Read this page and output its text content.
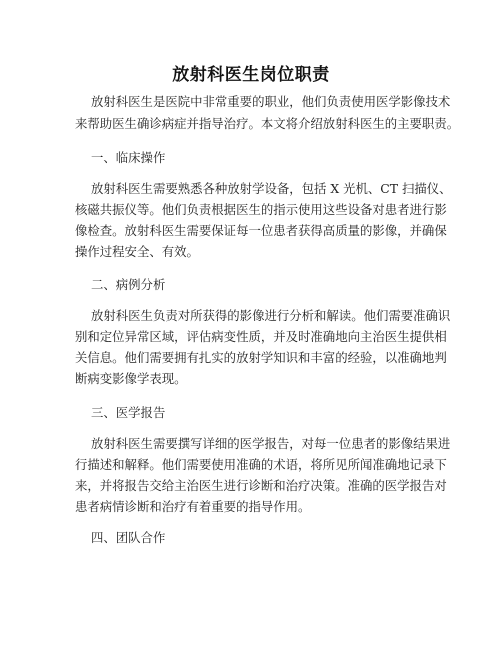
放射科医生岗位职责
放射科医生是医院中非常重要的职业，他们负责使用医学影像技术
来帮助医生确诊病症并指导治疗。本文将介绍放射科医生的主要职责。
一、临床操作
放射科医生需要熟悉各种放射学设备，包括 X 光机、CT 扫描仪、
核磁共振仪等。他们负责根据医生的指示使用这些设备对患者进行影
像检查。放射科医生需要保证每一位患者获得高质量的影像，并确保
操作过程安全、有效。
二、病例分析
放射科医生负责对所获得的影像进行分析和解读。他们需要准确识
别和定位异常区域，评估病变性质，并及时准确地向主治医生提供相
关信息。他们需要拥有扎实的放射学知识和丰富的经验，以准确地判
断病变影像学表现。
三、医学报告
放射科医生需要撰写详细的医学报告，对每一位患者的影像结果进
行描述和解释。他们需要使用准确的术语，将所见所闻准确地记录下
来，并将报告交给主治医生进行诊断和治疗决策。准确的医学报告对
患者病情诊断和治疗有着重要的指导作用。
四、团队合作
